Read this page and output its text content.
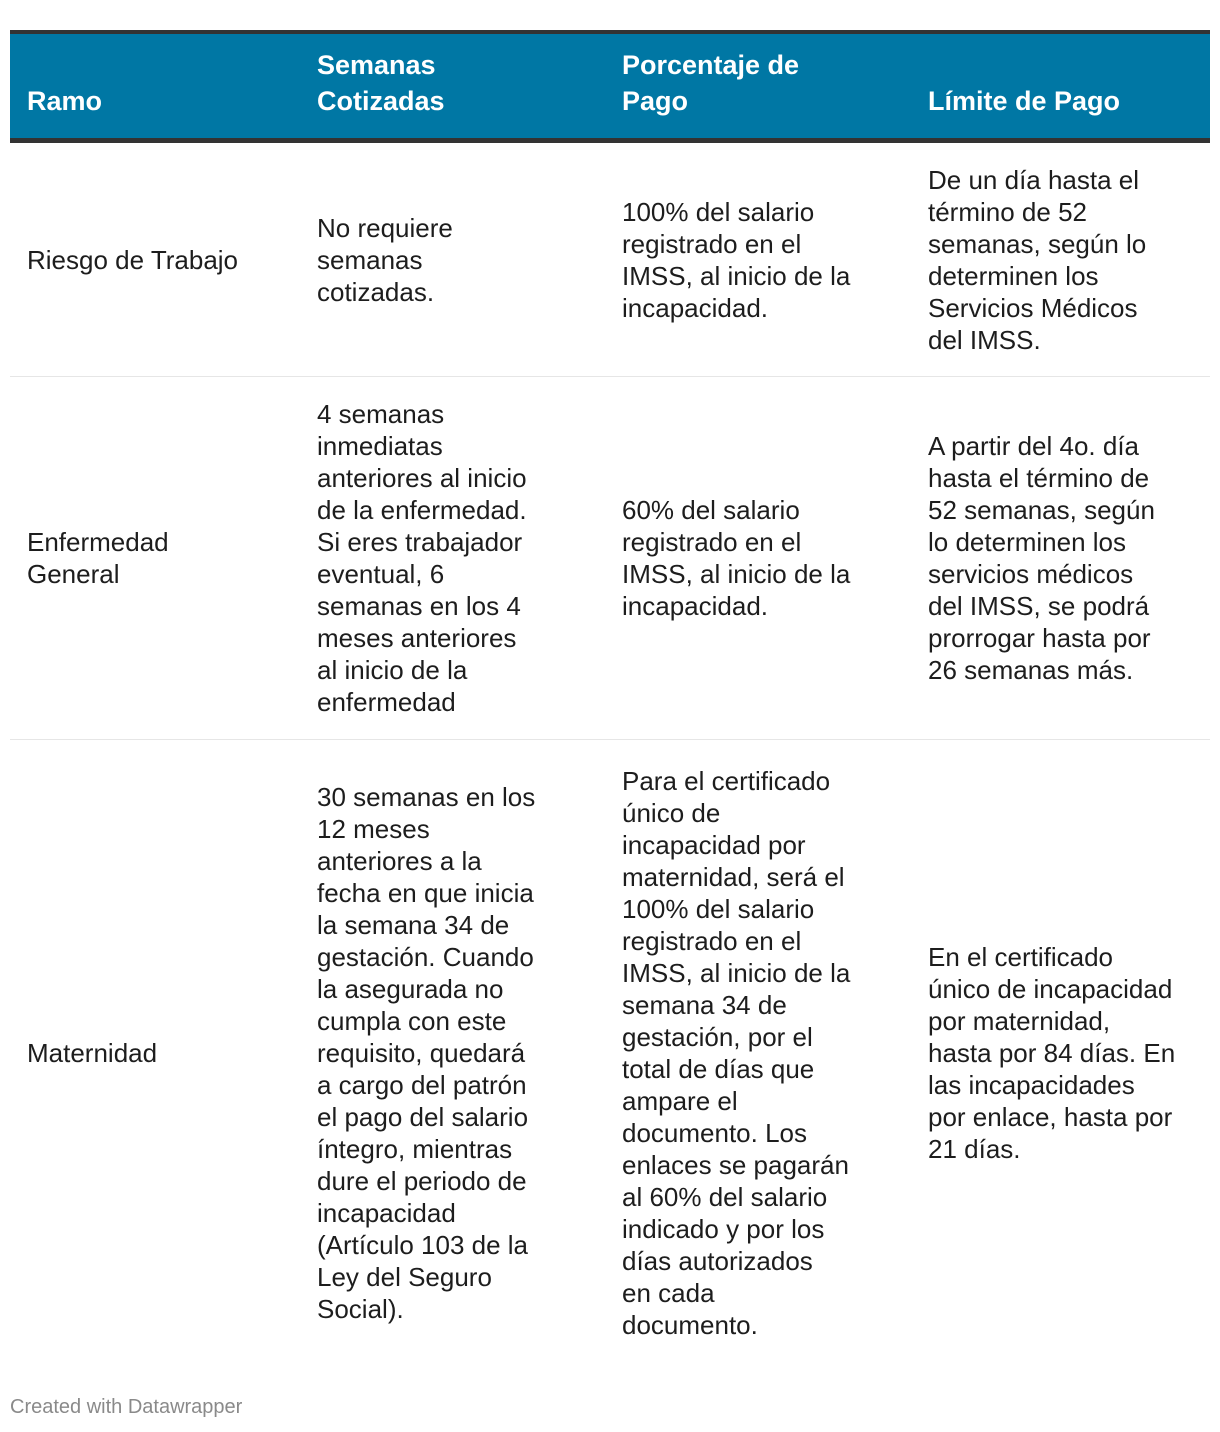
Ramo
Semanas Cotizadas
Porcentaje de Pago	Límite de Pago
Riesgo de Trabajo
No requiere
semanas
cotizadas.
100% del salario
registrado en el
IMSS, al inicio de la
incapacidad.
De un día hasta el
término de 52
semanas, según lo
determinen los
Servicios Médicos
del IMSS.
Enfermedad
General
4 semanas
inmediatas
anteriores al inicio
de la enfermedad.
Si eres trabajador
eventual, 6
semanas en los 4
meses anteriores
al inicio de la
enfermedad
60% del salario
registrado en el
IMSS, al inicio de la
incapacidad.
A partir del 4o. día
hasta el término de
52 semanas, según
lo determinen los
servicios médicos
del IMSS, se podrá
prorrogar hasta por
26 semanas más.
Maternidad
30 semanas en los
12 meses
anteriores a la
fecha en que inicia
la semana 34 de
gestación. Cuando
la asegurada no
cumpla con este
requisito, quedará
a cargo del patrón
el pago del salario
íntegro, mientras
dure el periodo de
incapacidad
(Artículo 103 de la
Ley del Seguro
Social).
Para el certificado
único de
incapacidad por
maternidad, será el
100% del salario
registrado en el
IMSS, al inicio de la
semana 34 de
gestación, por el
total de días que
ampare el
documento. Los
enlaces se pagarán
al 60% del salario
indicado y por los
días autorizados
en cada
documento.
En el certificado
único de incapacidad
por maternidad,
hasta por 84 días. En
las incapacidades
por enlace, hasta por
21 días.
Created with Datawrapper
